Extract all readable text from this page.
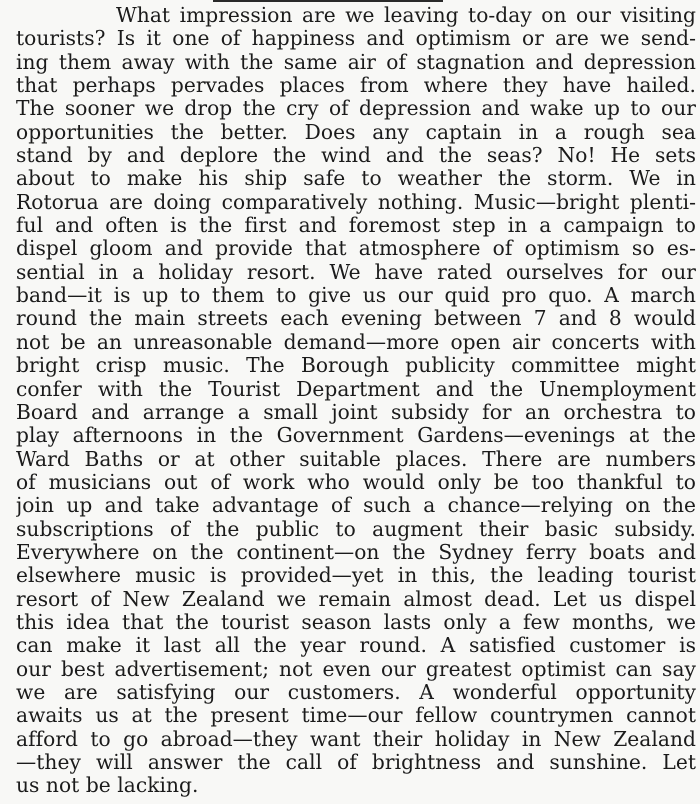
What impression are we leaving to-day on our visiting
tourists? Is it one of happiness and optimism or are we send-
ing them away with the same air of stagnation and depression
that perhaps pervades places from where they have hailed.
The sooner we drop the cry of depression and wake up to our
opportunities the better. Does any captain in a rough sea
stand by and deplore the wind and the seas? No! He sets
about to make his ship safe to weather the storm. We in
Rotorua are doing comparatively nothing. Music—bright plenti-
ful and often is the first and foremost step in a campaign to
dispel gloom and provide that atmosphere of optimism so es-
sential in a holiday resort. We have rated ourselves for our
band—it is up to them to give us our quid pro quo. A march
round the main streets each evening between 7 and 8 would
not be an unreasonable demand—more open air concerts with
bright crisp music. The Borough publicity committee might
confer with the Tourist Department and the Unemployment
Board and arrange a small joint subsidy for an orchestra to
play afternoons in the Government Gardens—evenings at the
Ward Baths or at other suitable places. There are numbers
of musicians out of work who would only be too thankful to
join up and take advantage of such a chance—relying on the
subscriptions of the public to augment their basic subsidy.
Everywhere on the continent—on the Sydney ferry boats and
elsewhere music is provided—yet in this, the leading tourist
resort of New Zealand we remain almost dead. Let us dispel
this idea that the tourist season lasts only a few months, we
can make it last all the year round. A satisfied customer is
our best advertisement; not even our greatest optimist can say
we are satisfying our customers. A wonderful opportunity
awaits us at the present time—our fellow countrymen cannot
afford to go abroad—they want their holiday in New Zealand
—they will answer the call of brightness and sunshine. Let
us not be lacking.
